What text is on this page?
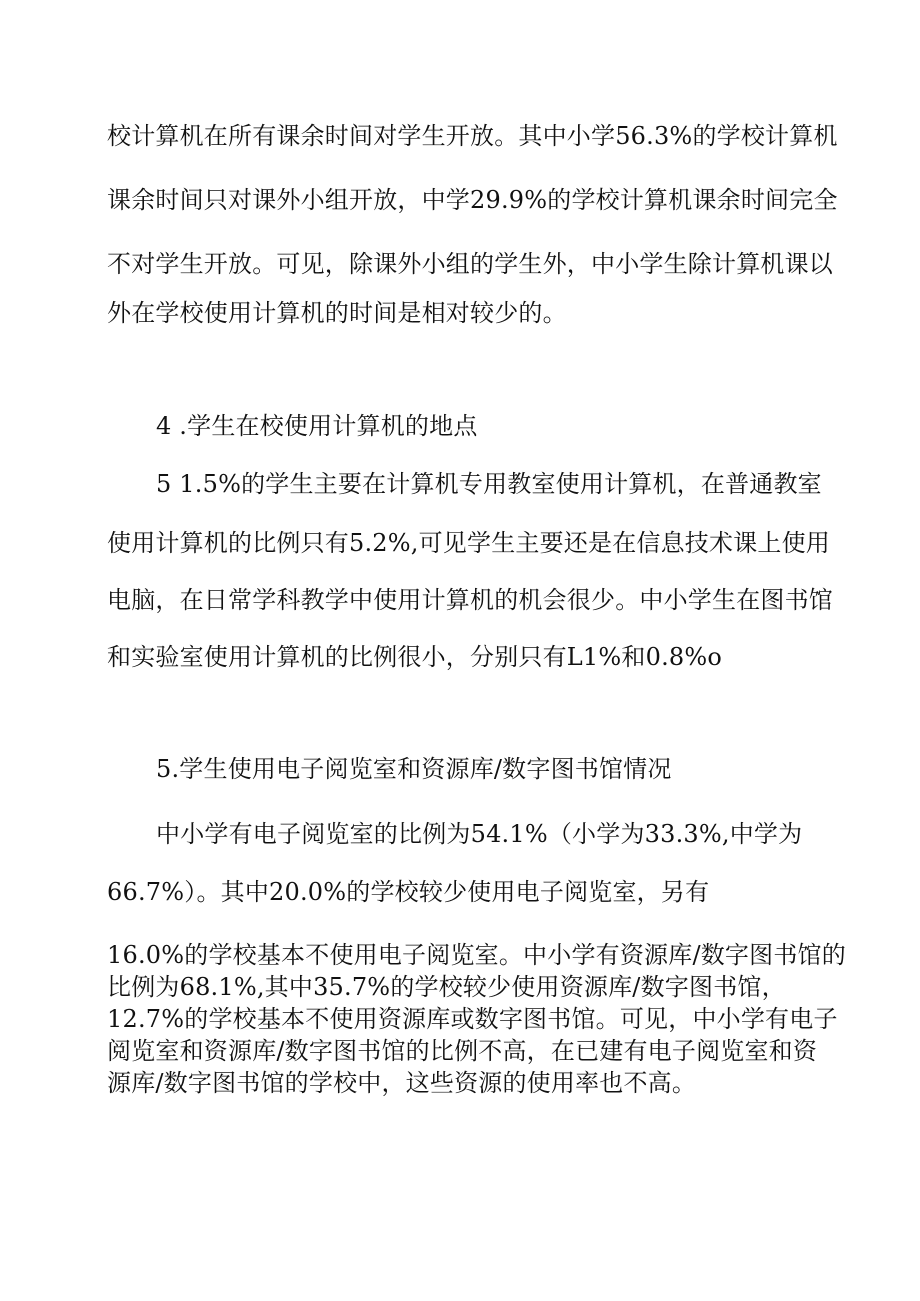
校计算机在所有课余时间对学生开放。其中小学56.3%的学校计算机
课余时间只对课外小组开放，中学29.9%的学校计算机课余时间完全
不对学生开放。可见，除课外小组的学生外，中小学生除计算机课以
外在学校使用计算机的时间是相对较少的。
4 .学生在校使用计算机的地点
5 1.5%的学生主要在计算机专用教室使用计算机，在普通教室
使用计算机的比例只有5.2%,可见学生主要还是在信息技术课上使用
电脑，在日常学科教学中使用计算机的机会很少。中小学生在图书馆
和实验室使用计算机的比例很小，分别只有L1%和0.8%o
5.学生使用电子阅览室和资源库/数字图书馆情况
中小学有电子阅览室的比例为54.1%（小学为33.3%,中学为
66.7%）。其中20.0%的学校较少使用电子阅览室，另有
16.0%的学校基本不使用电子阅览室。中小学有资源库/数字图书馆的
比例为68.1%,其中35.7%的学校较少使用资源库/数字图书馆，
12.7%的学校基本不使用资源库或数字图书馆。可见，中小学有电子
阅览室和资源库/数字图书馆的比例不高，在已建有电子阅览室和资
源库/数字图书馆的学校中，这些资源的使用率也不高。
